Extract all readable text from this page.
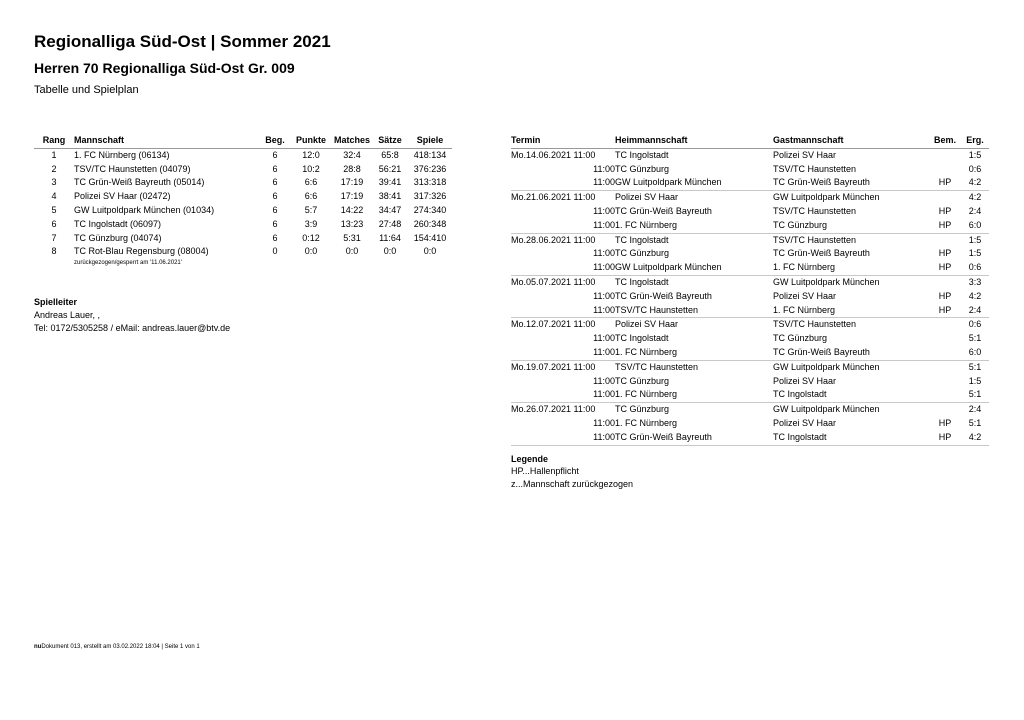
Regionalliga Süd-Ost | Sommer 2021
Herren 70 Regionalliga Süd-Ost Gr. 009
Tabelle und Spielplan
Rang	Mannschaft	Beg.	Punkte	Matches	Sätze	Spiele
1	1. FC Nürnberg (06134)	6	12:0	32:4	65:8	418:134
2	TSV/TC Haunstetten (04079)	6	10:2	28:8	56:21	376:236
3	TC Grün-Weiß Bayreuth (05014)	6	6:6	17:19	39:41	313:318
4	Polizei SV Haar (02472)	6	6:6	17:19	38:41	317:326
5	GW Luitpoldpark München (01034)	6	5:7	14:22	34:47	274:340
6	TC Ingolstadt (06097)	6	3:9	13:23	27:48	260:348
7	TC Günzburg (04074)	6	0:12	5:31	11:64	154:410
8	TC Rot-Blau Regensburg (08004)	0	0:0	0:0	0:0	0:0
	zurückgezogen/gesperrt am '11.06.2021'					
Spielleiter
Andreas Lauer, ,
Tel: 0172/5305258 / eMail: andreas.lauer@btv.de
Termin	Heimmannschaft	Gastmannschaft	Bem.	Erg.
Mo.14.06.2021 11:00	TC Ingolstadt	Polizei SV Haar		1:5
11:00	TC Günzburg	TSV/TC Haunstetten		0:6
11:00	GW Luitpoldpark München	TC Grün-Weiß Bayreuth	HP	4:2
Mo.21.06.2021 11:00	Polizei SV Haar	GW Luitpoldpark München		4:2
11:00	TC Grün-Weiß Bayreuth	TSV/TC Haunstetten	HP	2:4
11:00	1. FC Nürnberg	TC Günzburg	HP	6:0
Mo.28.06.2021 11:00	TC Ingolstadt	TSV/TC Haunstetten		1:5
11:00	TC Günzburg	TC Grün-Weiß Bayreuth	HP	1:5
11:00	GW Luitpoldpark München	1. FC Nürnberg	HP	0:6
Mo.05.07.2021 11:00	TC Ingolstadt	GW Luitpoldpark München		3:3
11:00	TC Grün-Weiß Bayreuth	Polizei SV Haar	HP	4:2
11:00	TSV/TC Haunstetten	1. FC Nürnberg	HP	2:4
Mo.12.07.2021 11:00	Polizei SV Haar	TSV/TC Haunstetten		0:6
11:00	TC Ingolstadt	TC Günzburg		5:1
11:00	1. FC Nürnberg	TC Grün-Weiß Bayreuth		6:0
Mo.19.07.2021 11:00	TSV/TC Haunstetten	GW Luitpoldpark München		5:1
11:00	TC Günzburg	Polizei SV Haar		1:5
11:00	1. FC Nürnberg	TC Ingolstadt		5:1
Mo.26.07.2021 11:00	TC Günzburg	GW Luitpoldpark München		2:4
11:00	1. FC Nürnberg	Polizei SV Haar	HP	5:1
11:00	TC Grün-Weiß Bayreuth	TC Ingolstadt	HP	4:2
Legende
HP...Hallenpflicht
z...Mannschaft zurückgezogen
nuDokument 013, erstellt am 03.02.2022 18:04 | Seite 1 von 1
